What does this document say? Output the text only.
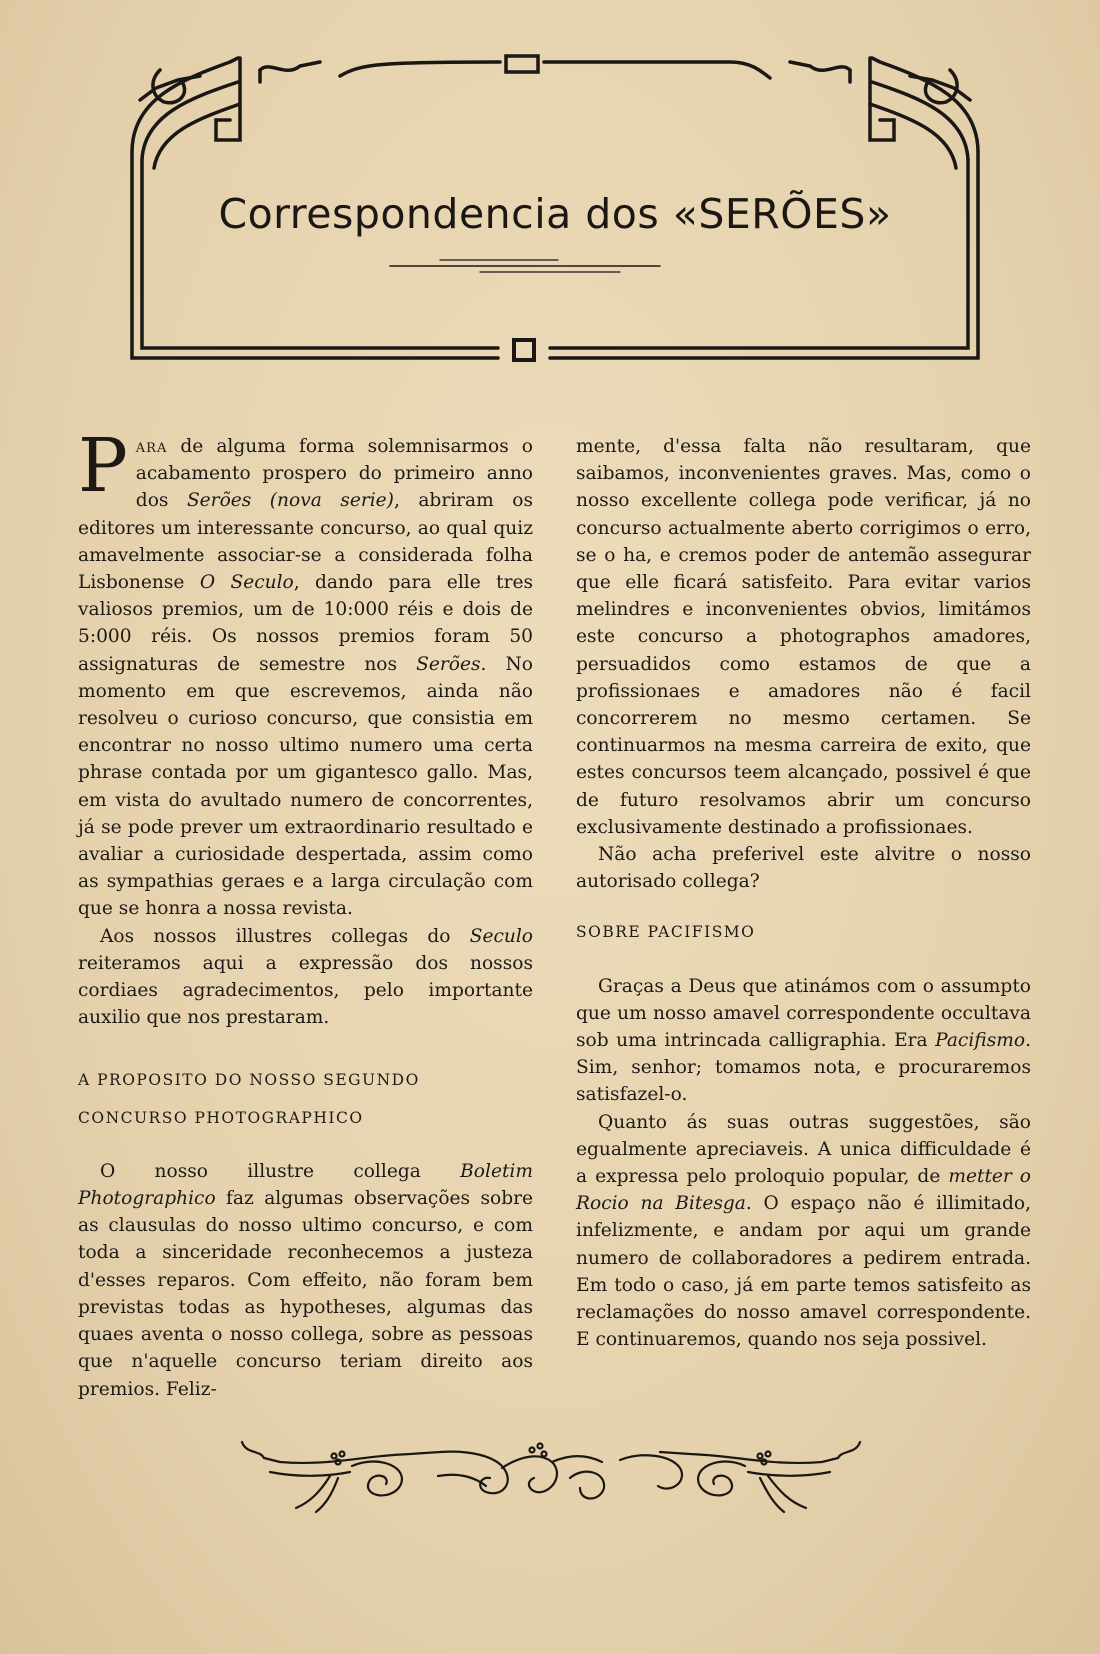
Correspondencia dos «SERÕES»

Para de alguma forma solemnisarmos o acabamento prospero do primeiro anno dos Serões (nova serie), abriram os editores um interessante concurso, ao qual quiz amavelmente associar-se a considerada folha Lisbonense O Seculo, dando para elle tres valiosos premios, um de 10:000 réis e dois de 5:000 réis. Os nossos premios foram 50 assignaturas de semestre nos Serões. No momento em que escrevemos, ainda não resolveu o curioso concurso, que consistia em encontrar no nosso ultimo numero uma certa phrase contada por um gigantesco gallo. Mas, em vista do avultado numero de concorrentes, já se pode prever um extraordinario resultado e avaliar a curiosidade despertada, assim como as sympathias geraes e a larga circulação com que se honra a nossa revista.

Aos nossos illustres collegas do Seculo reiteramos aqui a expressão dos nossos cordiaes agradecimentos, pelo importante auxilio que nos prestaram.

A PROPOSITO DO NOSSO SEGUNDO

CONCURSO PHOTOGRAPHICO

O nosso illustre collega Boletim Photographico faz algumas observações sobre as clausulas do nosso ultimo concurso, e com toda a sinceridade reconhecemos a justeza d'esses reparos. Com effeito, não foram bem previstas todas as hypotheses, algumas das quaes aventa o nosso collega, sobre as pessoas que n'aquelle concurso teriam direito aos premios. Feliz-

mente, d'essa falta não resultaram, que saibamos, inconvenientes graves. Mas, como o nosso excellente collega pode verificar, já no concurso actualmente aberto corrigimos o erro, se o ha, e cremos poder de antemão assegurar que elle ficará satisfeito. Para evitar varios melindres e inconvenientes obvios, limitámos este concurso a photographos amadores, persuadidos como estamos de que a profissionaes e amadores não é facil concorrerem no mesmo certamen. Se continuarmos na mesma carreira de exito, que estes concursos teem alcançado, possivel é que de futuro resolvamos abrir um concurso exclusivamente destinado a profissionaes.

Não acha preferivel este alvitre o nosso autorisado collega?

SOBRE PACIFISMO

Graças a Deus que atinámos com o assumpto que um nosso amavel correspondente occultava sob uma intrincada calligraphia. Era Pacifismo. Sim, senhor; tomamos nota, e procuraremos satisfazel-o.

Quanto ás suas outras suggestões, são egualmente apreciaveis. A unica difficuldade é a expressa pelo proloquio popular, de metter o Rocio na Bitesga. O espaço não é illimitado, infelizmente, e andam por aqui um grande numero de collaboradores a pedirem entrada. Em todo o caso, já em parte temos satisfeito as reclamações do nosso amavel correspondente. E continuaremos, quando nos seja possivel.
